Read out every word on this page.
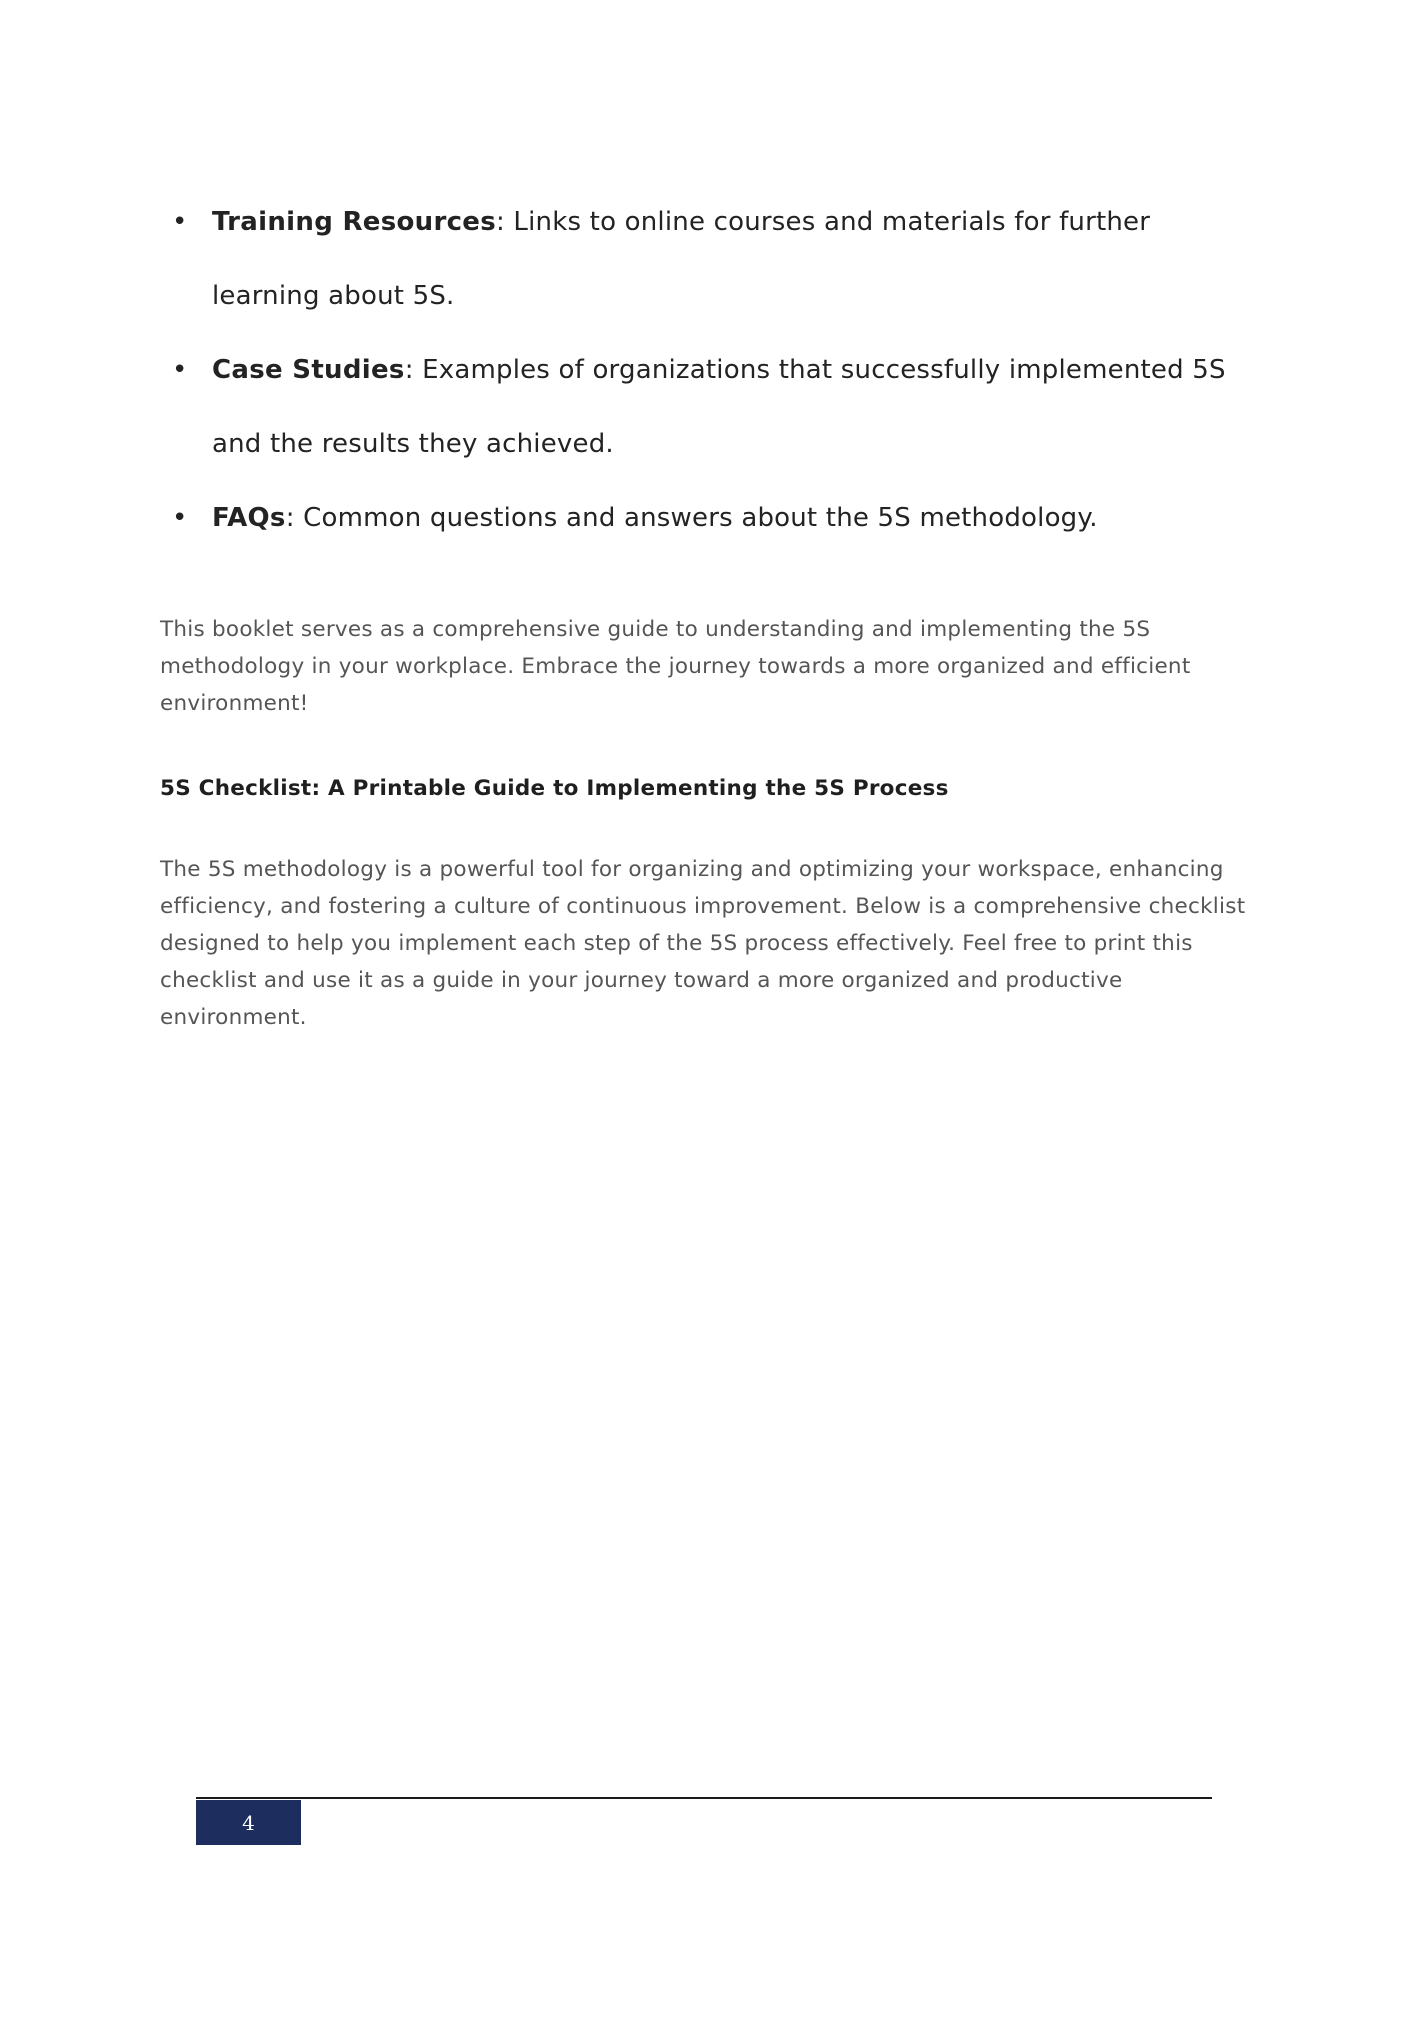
• Training Resources: Links to online courses and materials for further learning about 5S.
• Case Studies: Examples of organizations that successfully implemented 5S and the results they achieved.
• FAQs: Common questions and answers about the 5S methodology.

This booklet serves as a comprehensive guide to understanding and implementing the 5S methodology in your workplace. Embrace the journey towards a more organized and efficient environment!

5S Checklist: A Printable Guide to Implementing the 5S Process

The 5S methodology is a powerful tool for organizing and optimizing your workspace, enhancing efficiency, and fostering a culture of continuous improvement. Below is a comprehensive checklist designed to help you implement each step of the 5S process effectively. Feel free to print this checklist and use it as a guide in your journey toward a more organized and productive environment.

4
